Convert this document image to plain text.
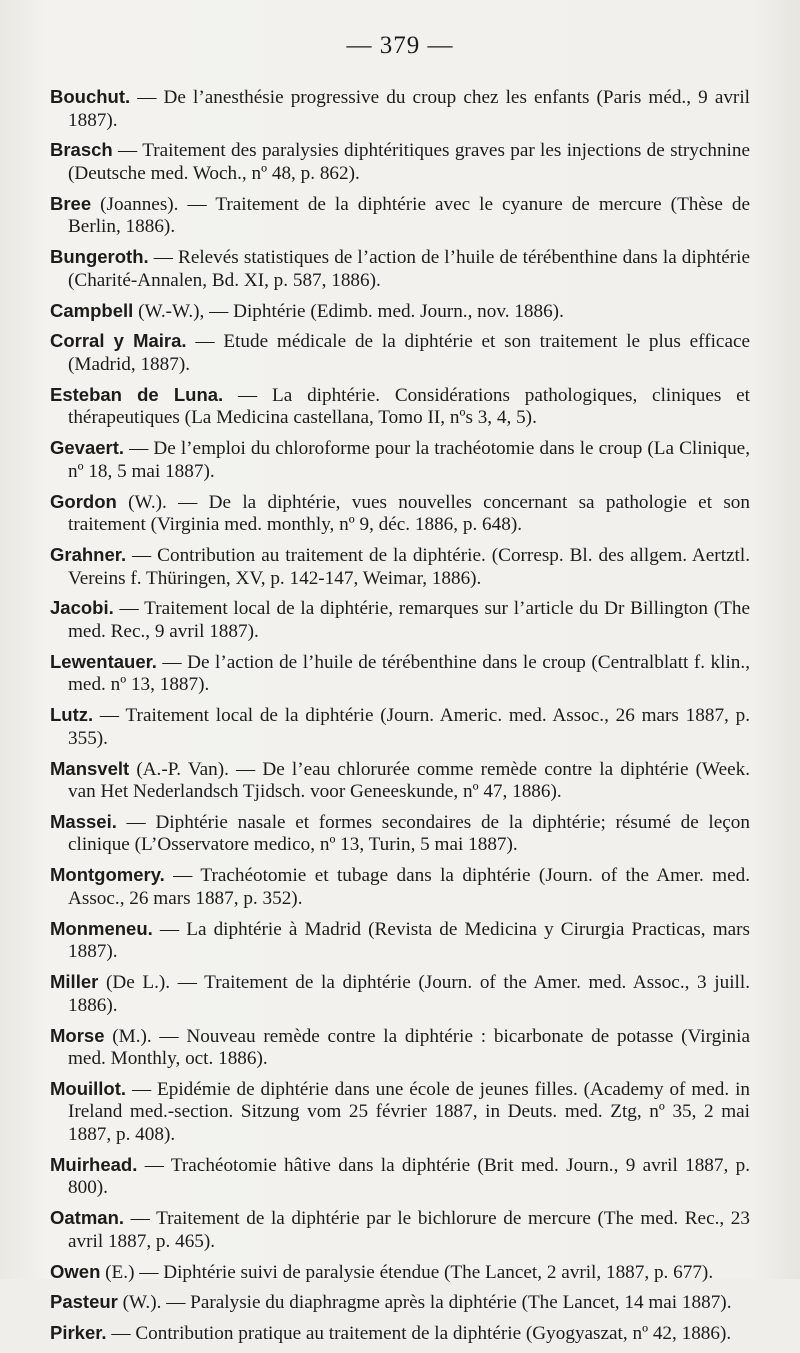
— 379 —
Bouchut. — De l’anesthésie progressive du croup chez les enfants (Paris méd., 9 avril 1887).
Brasch — Traitement des paralysies diphtéritiques graves par les injections de strychnine (Deutsche med. Woch., nº 48, p. 862).
Bree (Joannes). — Traitement de la diphtérie avec le cyanure de mercure (Thèse de Berlin, 1886).
Bungeroth. — Relevés statistiques de l’action de l’huile de térébenthine dans la diphtérie (Charité-Annalen, Bd. XI, p. 587, 1886).
Campbell (W.-W.), — Diphtérie (Edimb. med. Journ., nov. 1886).
Corral y Maira. — Etude médicale de la diphtérie et son traitement le plus efficace (Madrid, 1887).
Esteban de Luna. — La diphtérie. Considérations pathologiques, cliniques et thérapeutiques (La Medicina castellana, Tomo II, nºs 3, 4, 5).
Gevaert. — De l’emploi du chloroforme pour la trachéotomie dans le croup (La Clinique, nº 18, 5 mai 1887).
Gordon (W.). — De la diphtérie, vues nouvelles concernant sa pathologie et son traitement (Virginia med. monthly, nº 9, déc. 1886, p. 648).
Grahner. — Contribution au traitement de la diphtérie. (Corresp. Bl. des allgem. Aertztl. Vereins f. Thüringen, XV, p. 142-147, Weimar, 1886).
Jacobi. — Traitement local de la diphtérie, remarques sur l’article du Dr Billington (The med. Rec., 9 avril 1887).
Lewentauer. — De l’action de l’huile de térébenthine dans le croup (Centralblatt f. klin., med. nº 13, 1887).
Lutz. — Traitement local de la diphtérie (Journ. Americ. med. Assoc., 26 mars 1887, p. 355).
Mansvelt (A.-P. Van). — De l’eau chlorurée comme remède contre la diphtérie (Week. van Het Nederlandsch Tjidsch. voor Geneeskunde, nº 47, 1886).
Massei. — Diphtérie nasale et formes secondaires de la diphtérie; résumé de leçon clinique (L’Osservatore medico, nº 13, Turin, 5 mai 1887).
Montgomery. — Trachéotomie et tubage dans la diphtérie (Journ. of the Amer. med. Assoc., 26 mars 1887, p. 352).
Monmeneu. — La diphtérie à Madrid (Revista de Medicina y Cirurgia Practicas, mars 1887).
Miller (De L.). — Traitement de la diphtérie (Journ. of the Amer. med. Assoc., 3 juill. 1886).
Morse (M.). — Nouveau remède contre la diphtérie : bicarbonate de potasse (Virginia med. Monthly, oct. 1886).
Mouillot. — Epidémie de diphtérie dans une école de jeunes filles. (Academy of med. in Ireland med.-section. Sitzung vom 25 février 1887, in Deuts. med. Ztg, nº 35, 2 mai 1887, p. 408).
Muirhead. — Trachéotomie hâtive dans la diphtérie (Brit med. Journ., 9 avril 1887, p. 800).
Oatman. — Traitement de la diphtérie par le bichlorure de mercure (The med. Rec., 23 avril 1887, p. 465).
Owen (E.) — Diphtérie suivi de paralysie étendue (The Lancet, 2 avril, 1887, p. 677).
Pasteur (W.). — Paralysie du diaphragme après la diphtérie (The Lancet, 14 mai 1887).
Pirker. — Contribution pratique au traitement de la diphtérie (Gyogyaszat, nº 42, 1886).
